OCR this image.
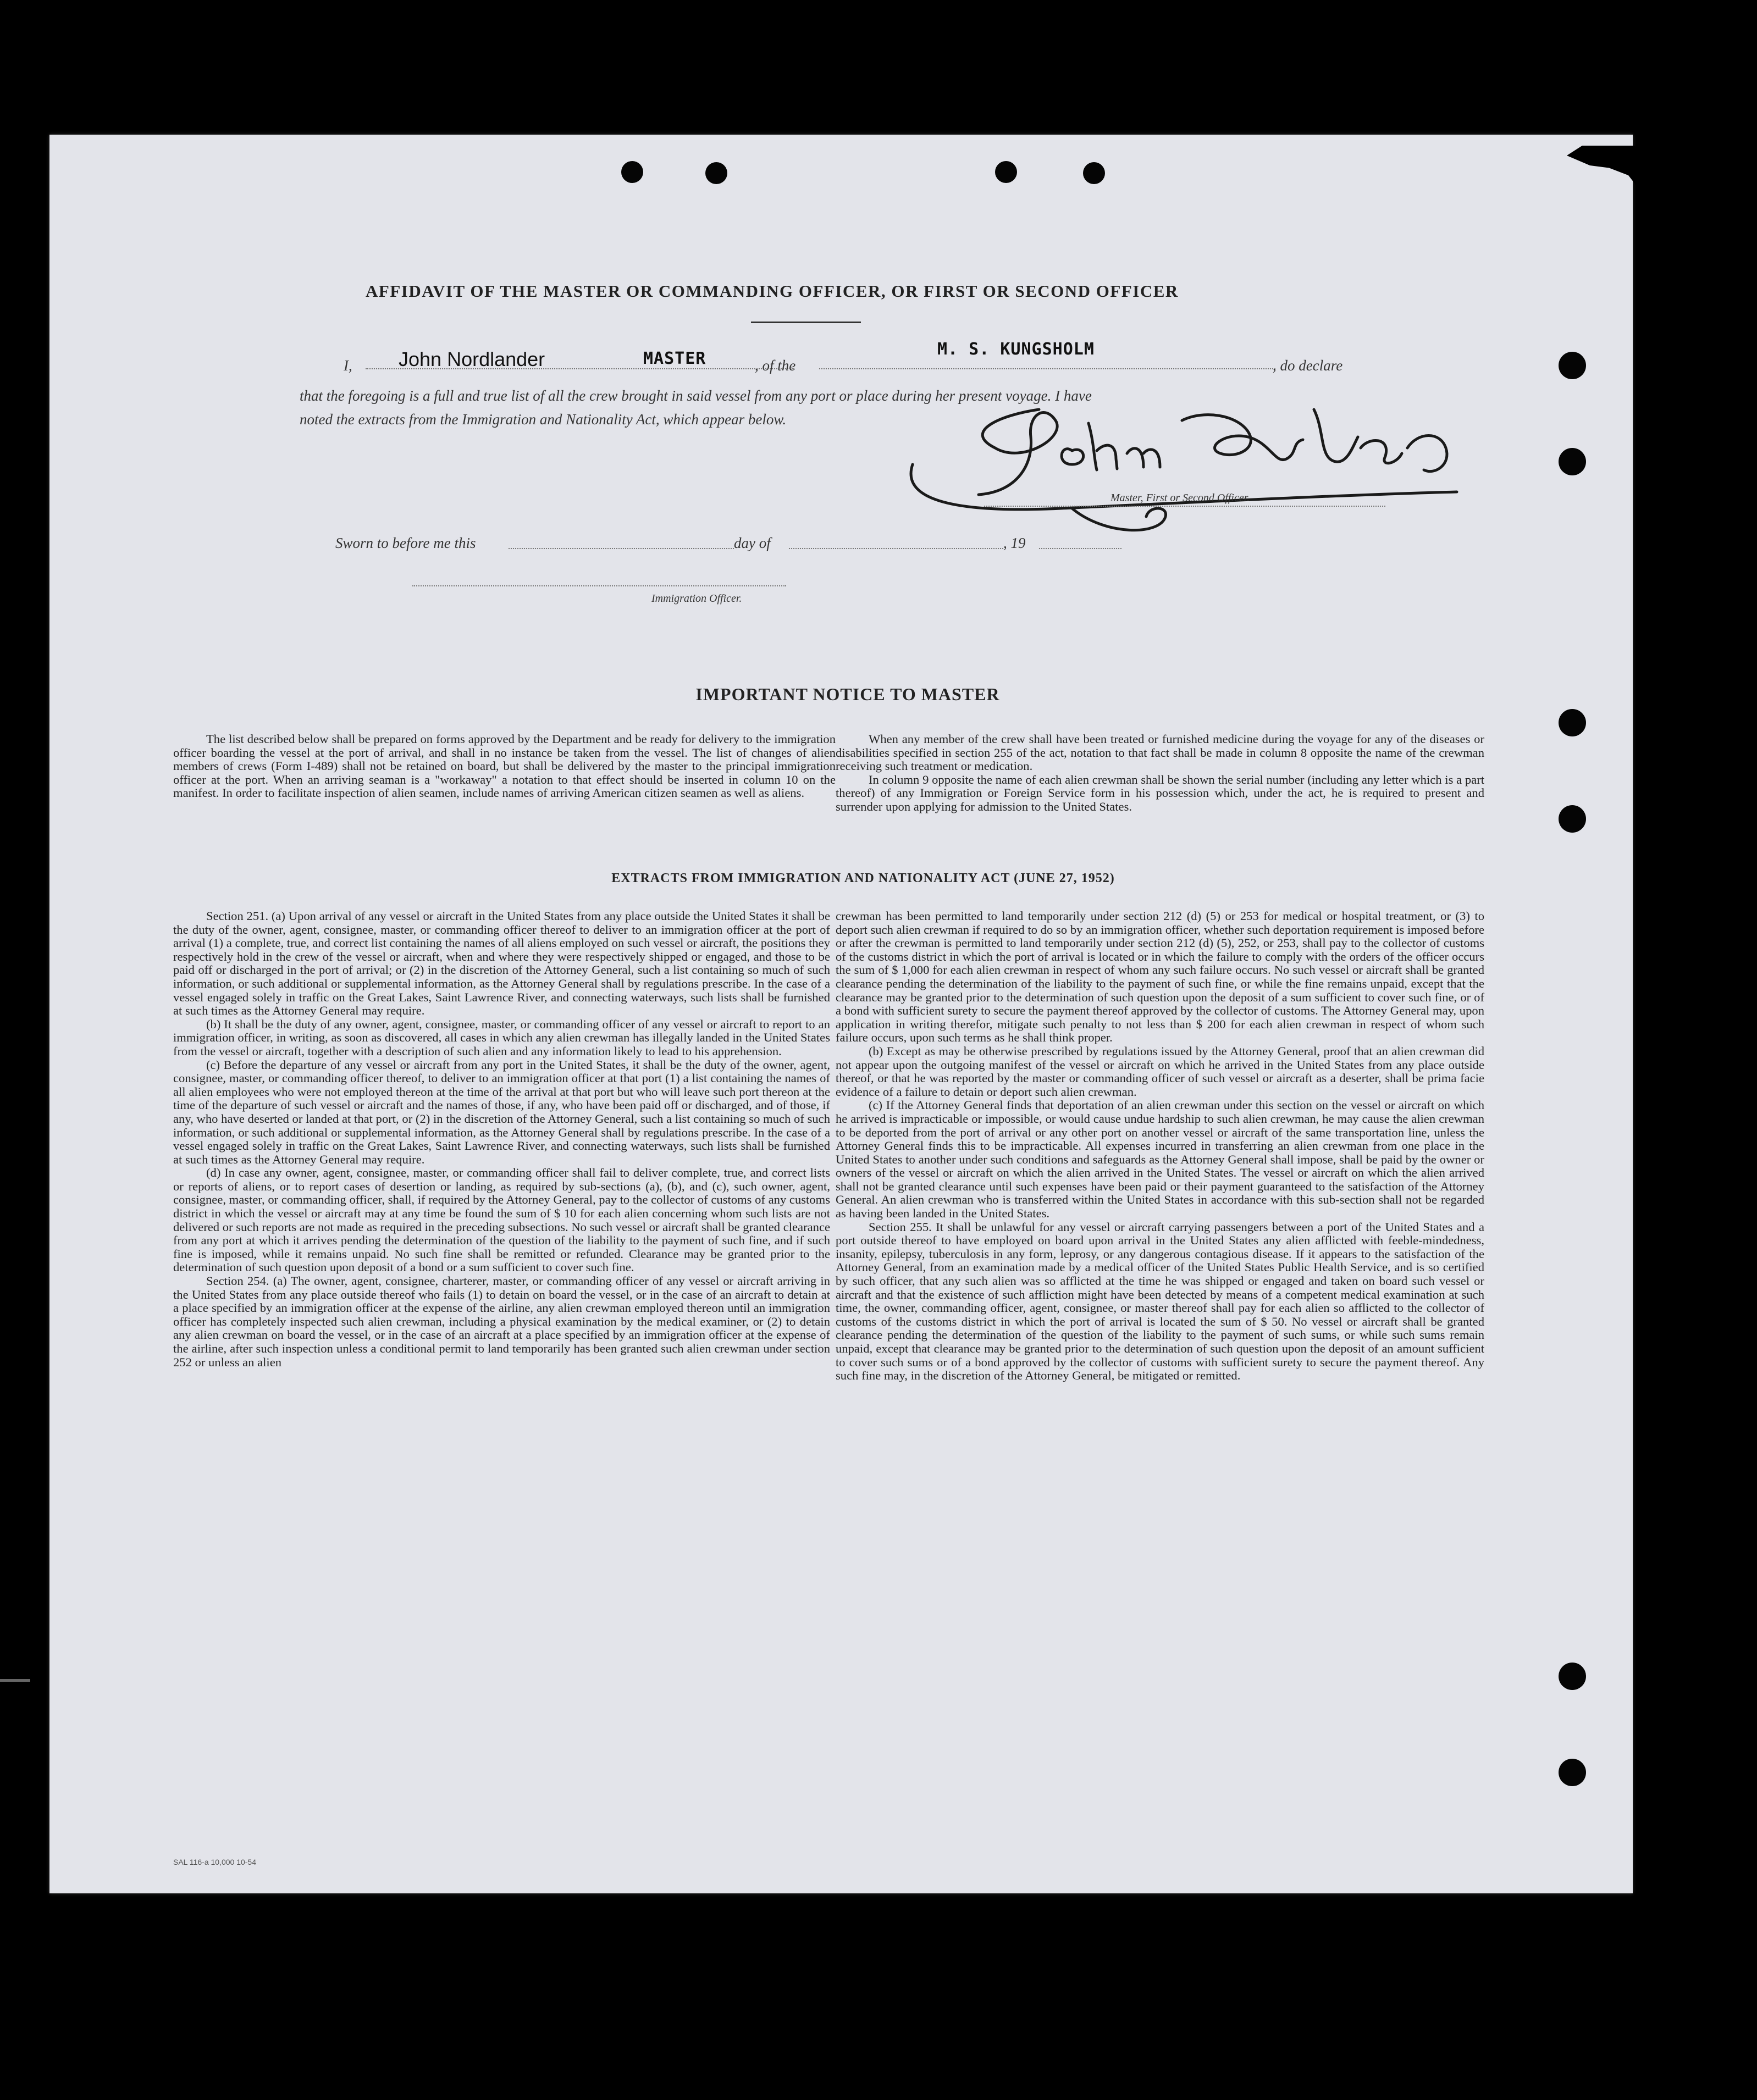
AFFIDAVIT OF THE MASTER OR COMMANDING OFFICER, OR FIRST OR SECOND OFFICER
I, John Nordlander	MASTER	, of the
M. S. KUNGSHOLM
, do declare
that the foregoing is a full and true list of all the crew brought in said vessel from any port or place during her present voyage. I have
noted the extracts from the Immigration and Nationality Act, which appear below.
Master, First or Second Officer.
Sworn to before me this	day of	, 19
Immigration Officer.
IMPORTANT NOTICE TO MASTER

The list described below shall be prepared on forms approved by the Department and be ready for delivery to the immigration officer boarding the vessel at the port of arrival, and shall in no instance be taken from the vessel. The list of changes of alien members of crews (Form I-489) shall not be retained on board, but shall be delivered by the master to the principal immigration officer at the port. When an arriving seaman is a "workaway" a notation to that effect should be inserted in column 10 on the manifest. In order to facilitate inspection of alien seamen, include names of arriving American citizen seamen as well as aliens.

When any member of the crew shall have been treated or furnished medicine during the voyage for any of the diseases or disabilities specified in section 255 of the act, notation to that fact shall be made in column 8 opposite the name of the crewman receiving such treatment or medication.

In column 9 opposite the name of each alien crewman shall be shown the serial number (including any letter which is a part thereof) of any Immigration or Foreign Service form in his possession which, under the act, he is required to present and surrender upon applying for admission to the United States.

EXTRACTS FROM IMMIGRATION AND NATIONALITY ACT (JUNE 27, 1952)

Section 251. (a) Upon arrival of any vessel or aircraft in the United States from any place outside the United States it shall be the duty of the owner, agent, consignee, master, or commanding officer thereof to deliver to an immigration officer at the port of arrival (1) a complete, true, and correct list containing the names of all aliens employed on such vessel or aircraft, the positions they respectively hold in the crew of the vessel or aircraft, when and where they were respectively shipped or engaged, and those to be paid off or discharged in the port of arrival; or (2) in the discretion of the Attorney General, such a list containing so much of such information, or such additional or supplemental information, as the Attorney General shall by regulations prescribe. In the case of a vessel engaged solely in traffic on the Great Lakes, Saint Lawrence River, and connecting waterways, such lists shall be furnished at such times as the Attorney General may require.

(b) It shall be the duty of any owner, agent, consignee, master, or commanding officer of any vessel or aircraft to report to an immigration officer, in writing, as soon as discovered, all cases in which any alien crewman has illegally landed in the United States from the vessel or aircraft, together with a description of such alien and any information likely to lead to his apprehension.

(c) Before the departure of any vessel or aircraft from any port in the United States, it shall be the duty of the owner, agent, consignee, master, or commanding officer thereof, to deliver to an immigration officer at that port (1) a list containing the names of all alien employees who were not employed thereon at the time of the arrival at that port but who will leave such port thereon at the time of the departure of such vessel or aircraft and the names of those, if any, who have been paid off or discharged, and of those, if any, who have deserted or landed at that port, or (2) in the discretion of the Attorney General, such a list containing so much of such information, or such additional or supplemental information, as the Attorney General shall by regulations prescribe. In the case of a vessel engaged solely in traffic on the Great Lakes, Saint Lawrence River, and connecting waterways, such lists shall be furnished at such times as the Attorney General may require.

(d) In case any owner, agent, consignee, master, or commanding officer shall fail to deliver complete, true, and correct lists or reports of aliens, or to report cases of desertion or landing, as required by sub-sections (a), (b), and (c), such owner, agent, consignee, master, or commanding officer, shall, if required by the Attorney General, pay to the collector of customs of any customs district in which the vessel or aircraft may at any time be found the sum of $ 10 for each alien concerning whom such lists are not delivered or such reports are not made as required in the preceding subsections. No such vessel or aircraft shall be granted clearance from any port at which it arrives pending the determination of the question of the liability to the payment of such fine, and if such fine is imposed, while it remains unpaid. No such fine shall be remitted or refunded. Clearance may be granted prior to the determination of such question upon deposit of a bond or a sum sufficient to cover such fine.

Section 254. (a) The owner, agent, consignee, charterer, master, or commanding officer of any vessel or aircraft arriving in the United States from any place outside thereof who fails (1) to detain on board the vessel, or in the case of an aircraft to detain at a place specified by an immigration officer at the expense of the airline, any alien crewman employed thereon until an immigration officer has completely inspected such alien crewman, including a physical examination by the medical examiner, or (2) to detain any alien crewman on board the vessel, or in the case of an aircraft at a place specified by an immigration officer at the expense of the airline, after such inspection unless a conditional permit to land temporarily has been granted such alien crewman under section 252 or unless an alien

crewman has been permitted to land temporarily under section 212 (d) (5) or 253 for medical or hospital treatment, or (3) to deport such alien crewman if required to do so by an immigration officer, whether such deportation requirement is imposed before or after the crewman is permitted to land temporarily under section 212 (d) (5), 252, or 253, shall pay to the collector of customs of the customs district in which the port of arrival is located or in which the failure to comply with the orders of the officer occurs the sum of $ 1,000 for each alien crewman in respect of whom any such failure occurs. No such vessel or aircraft shall be granted clearance pending the determination of the liability to the payment of such fine, or while the fine remains unpaid, except that the clearance may be granted prior to the determination of such question upon the deposit of a sum sufficient to cover such fine, or of a bond with sufficient surety to secure the payment thereof approved by the collector of customs. The Attorney General may, upon application in writing therefor, mitigate such penalty to not less than $ 200 for each alien crewman in respect of whom such failure occurs, upon such terms as he shall think proper.

(b) Except as may be otherwise prescribed by regulations issued by the Attorney General, proof that an alien crewman did not appear upon the outgoing manifest of the vessel or aircraft on which he arrived in the United States from any place outside thereof, or that he was reported by the master or commanding officer of such vessel or aircraft as a deserter, shall be prima facie evidence of a failure to detain or deport such alien crewman.

(c) If the Attorney General finds that deportation of an alien crewman under this section on the vessel or aircraft on which he arrived is impracticable or impossible, or would cause undue hardship to such alien crewman, he may cause the alien crewman to be deported from the port of arrival or any other port on another vessel or aircraft of the same transportation line, unless the Attorney General finds this to be impracticable. All expenses incurred in transferring an alien crewman from one place in the United States to another under such conditions and safeguards as the Attorney General shall impose, shall be paid by the owner or owners of the vessel or aircraft on which the alien arrived in the United States. The vessel or aircraft on which the alien arrived shall not be granted clearance until such expenses have been paid or their payment guaranteed to the satisfaction of the Attorney General. An alien crewman who is transferred within the United States in accordance with this sub-section shall not be regarded as having been landed in the United States.

Section 255. It shall be unlawful for any vessel or aircraft carrying passengers between a port of the United States and a port outside thereof to have employed on board upon arrival in the United States any alien afflicted with feeble-mindedness, insanity, epilepsy, tuberculosis in any form, leprosy, or any dangerous contagious disease. If it appears to the satisfaction of the Attorney General, from an examination made by a medical officer of the United States Public Health Service, and is so certified by such officer, that any such alien was so afflicted at the time he was shipped or engaged and taken on board such vessel or aircraft and that the existence of such affliction might have been detected by means of a competent medical examination at such time, the owner, commanding officer, agent, consignee, or master thereof shall pay for each alien so afflicted to the collector of customs of the customs district in which the port of arrival is located the sum of $ 50. No vessel or aircraft shall be granted clearance pending the determination of the question of the liability to the payment of such sums, or while such sums remain unpaid, except that clearance may be granted prior to the determination of such question upon the deposit of an amount sufficient to cover such sums or of a bond approved by the collector of customs with sufficient surety to secure the payment thereof. Any such fine may, in the discretion of the Attorney General, be mitigated or remitted.

SAL 116-a 10,000 10-54
